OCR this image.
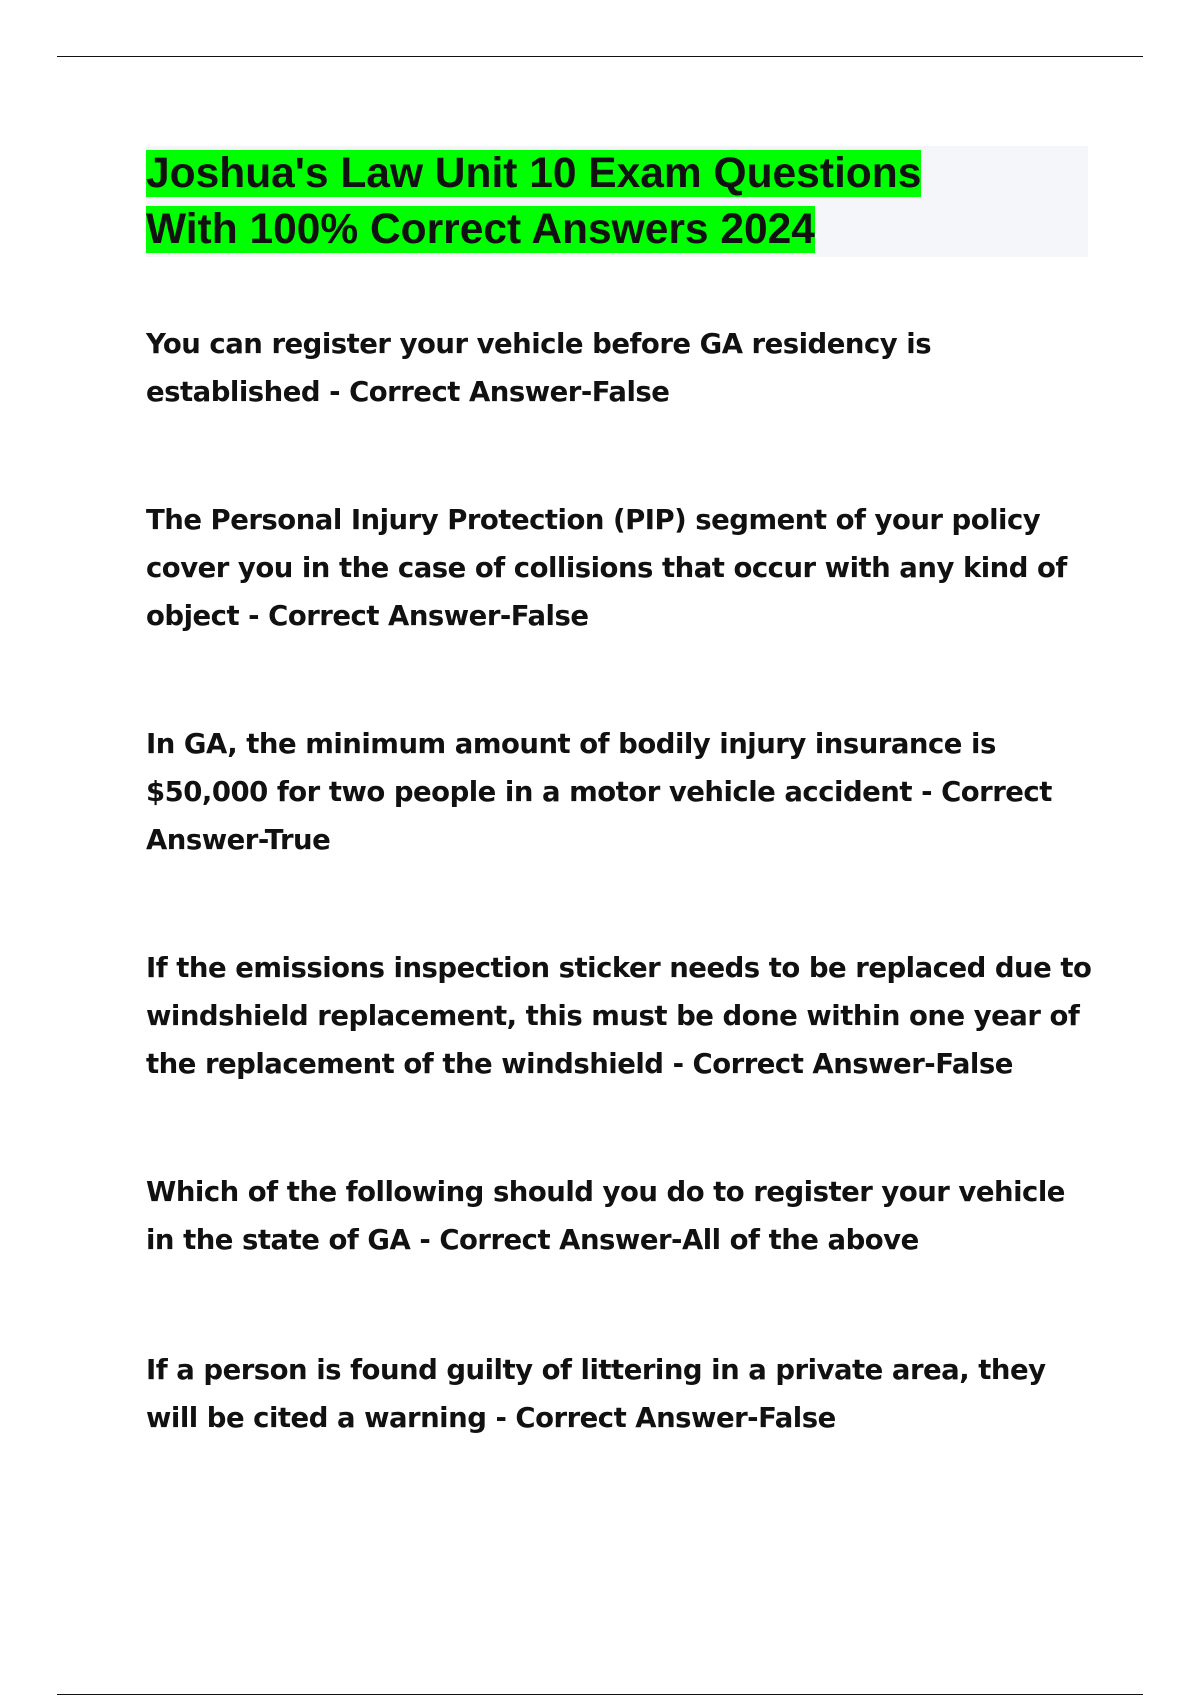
Joshua's Law Unit 10 Exam Questions
With 100% Correct Answers 2024

You can register your vehicle before GA residency is
established - Correct Answer-False

The Personal Injury Protection (PIP) segment of your policy
cover you in the case of collisions that occur with any kind of
object - Correct Answer-False

In GA, the minimum amount of bodily injury insurance is
$50,000 for two people in a motor vehicle accident - Correct
Answer-True

If the emissions inspection sticker needs to be replaced due to
windshield replacement, this must be done within one year of
the replacement of the windshield - Correct Answer-False

Which of the following should you do to register your vehicle
in the state of GA - Correct Answer-All of the above

If a person is found guilty of littering in a private area, they
will be cited a warning - Correct Answer-False
